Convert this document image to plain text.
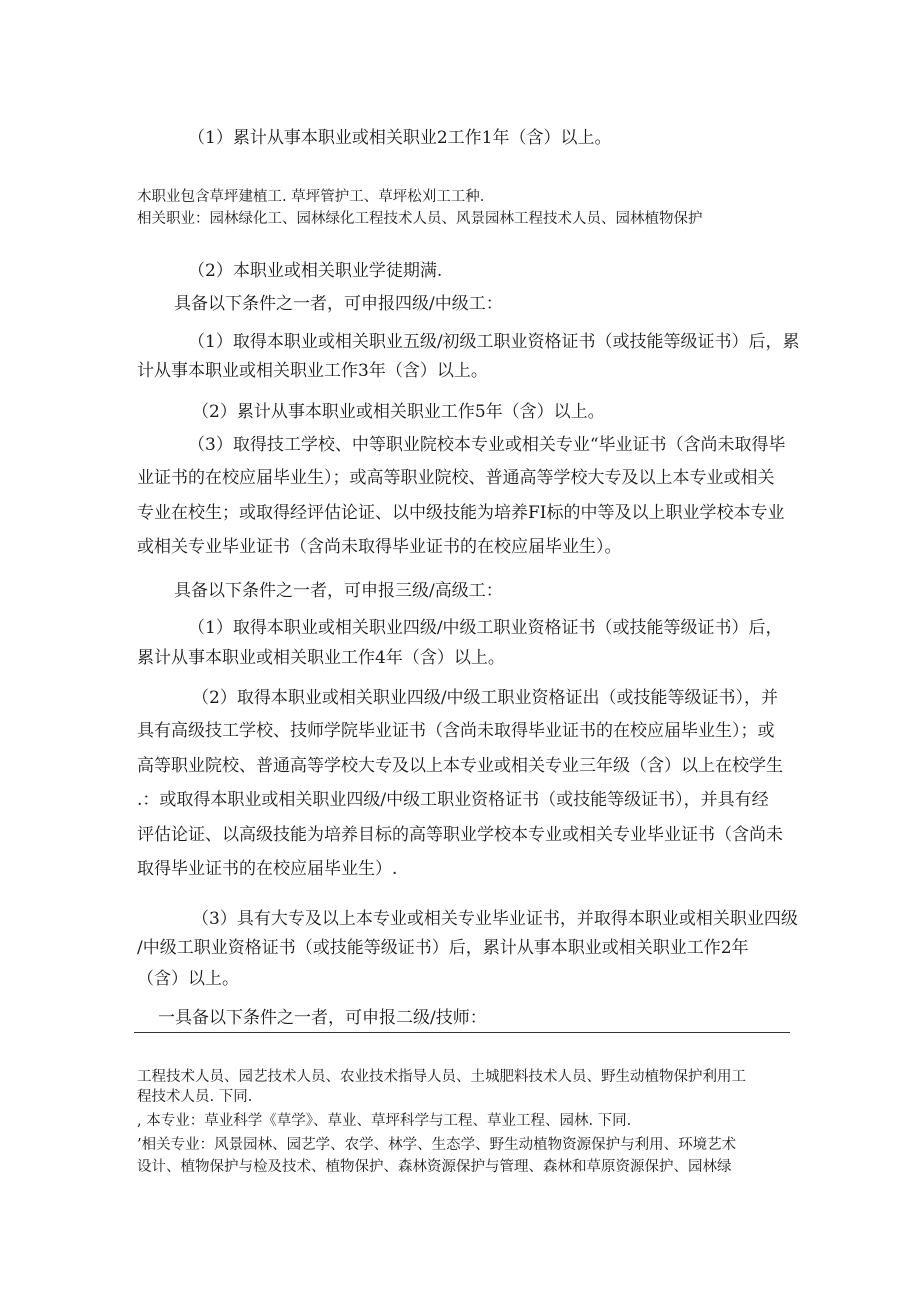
（1）累计从事本职业或相关职业2工作1年（含）以上。

木职业包含草坪建植工. 草坪管护工、草坪松刈工工种.

相关职业：园林绿化工、园林绿化工程技术人员、风景园林工程技术人员、园林植物保护

（2）本职业或相关职业学徒期满.

具备以下条件之一者，可申报四级/中级工：

（1）取得本职业或相关职业五级/初级工职业资格证书（或技能等级证书）后，累

计从事本职业或相关职业工作3年（含）以上。

（2）累计从事本职业或相关职业工作5年（含）以上。

（3）取得技工学校、中等职业院校本专业或相关专业“毕业证书（含尚未取得毕

业证书的在校应届毕业生）；或高等职业院校、普通高等学校大专及以上本专业或相关

专业在校生；或取得经评估论证、以中级技能为培养FI标的中等及以上职业学校本专业

或相关专业毕业证书（含尚未取得毕业证书的在校应届毕业生）。

具备以下条件之一者，可申报三级/高级工：

（1）取得本职业或相关职业四级/中级工职业资格证书（或技能等级证书）后，

累计从事本职业或相关职业工作4年（含）以上。

（2）取得本职业或相关职业四级/中级工职业资格证出（或技能等级证书），并

具有高级技工学校、技师学院毕业证书（含尚未取得毕业证书的在校应届毕业生）；或

高等职业院校、普通高等学校大专及以上本专业或相关专业三年级（含）以上在校学生

.：或取得本职业或相关职业四级/中级工职业资格证书（或技能等级证书），并具有经

评估论证、以高级技能为培养目标的高等职业学校本专业或相关专业毕业证书（含尚未

取得毕业证书的在校应届毕业生）.

（3）具有大专及以上本专业或相关专业毕业证书，并取得本职业或相关职业四级

/中级工职业资格证书（或技能等级证书）后，累计从事本职业或相关职业工作2年

（含）以上。

一具备以下条件之一者，可申报二级/技师：

工程技术人员、园艺技术人员、农业技术指导人员、土城肥料技术人员、野生动植物保护利用工

程技术人员. 下同.

, 本专业：草业科学《草学》、草业、草坪科学与工程、草业工程、园林. 下同.

’相关专业：风景园林、园艺学、农学、林学、生态学、野生动植物资源保护与利用、环境艺术

设计、植物保护与检及技术、植物保护、森林资源保护与管理、森林和草原资源保护、园林绿
